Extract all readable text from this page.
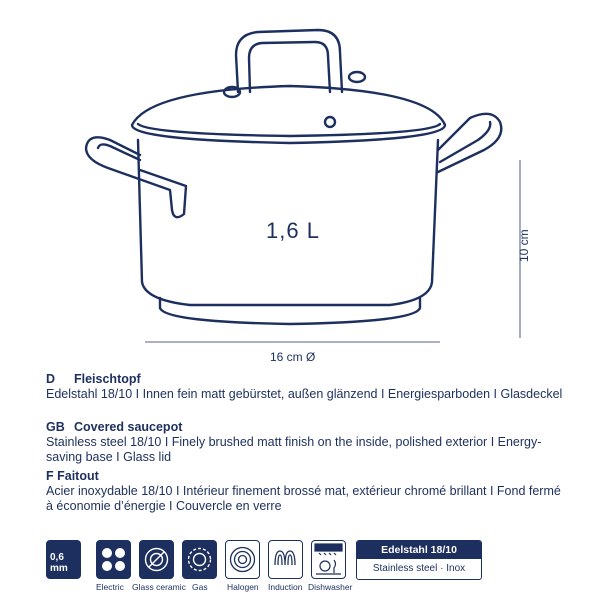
1,6 L
16 cm Ø
10 cm
D Fleischtopf
Edelstahl 18/10 I Innen fein matt gebürstet, außen glänzend I Energiesparboden I Glasdeckel
GB Covered saucepot
Stainless steel 18/10 I Finely brushed matt finish on the inside, polished exterior I Energy-saving base I Glass lid
F Faitout
Acier inoxydable 18/10 I Intérieur finement brossé mat, extérieur chromé brillant I Fond fermé à économie d’énergie I Couvercle en verre
0,6 mm
Electric Glass ceramic Gas Halogen Induction Dishwasher
Edelstahl 18/10
Stainless steel · Inox
